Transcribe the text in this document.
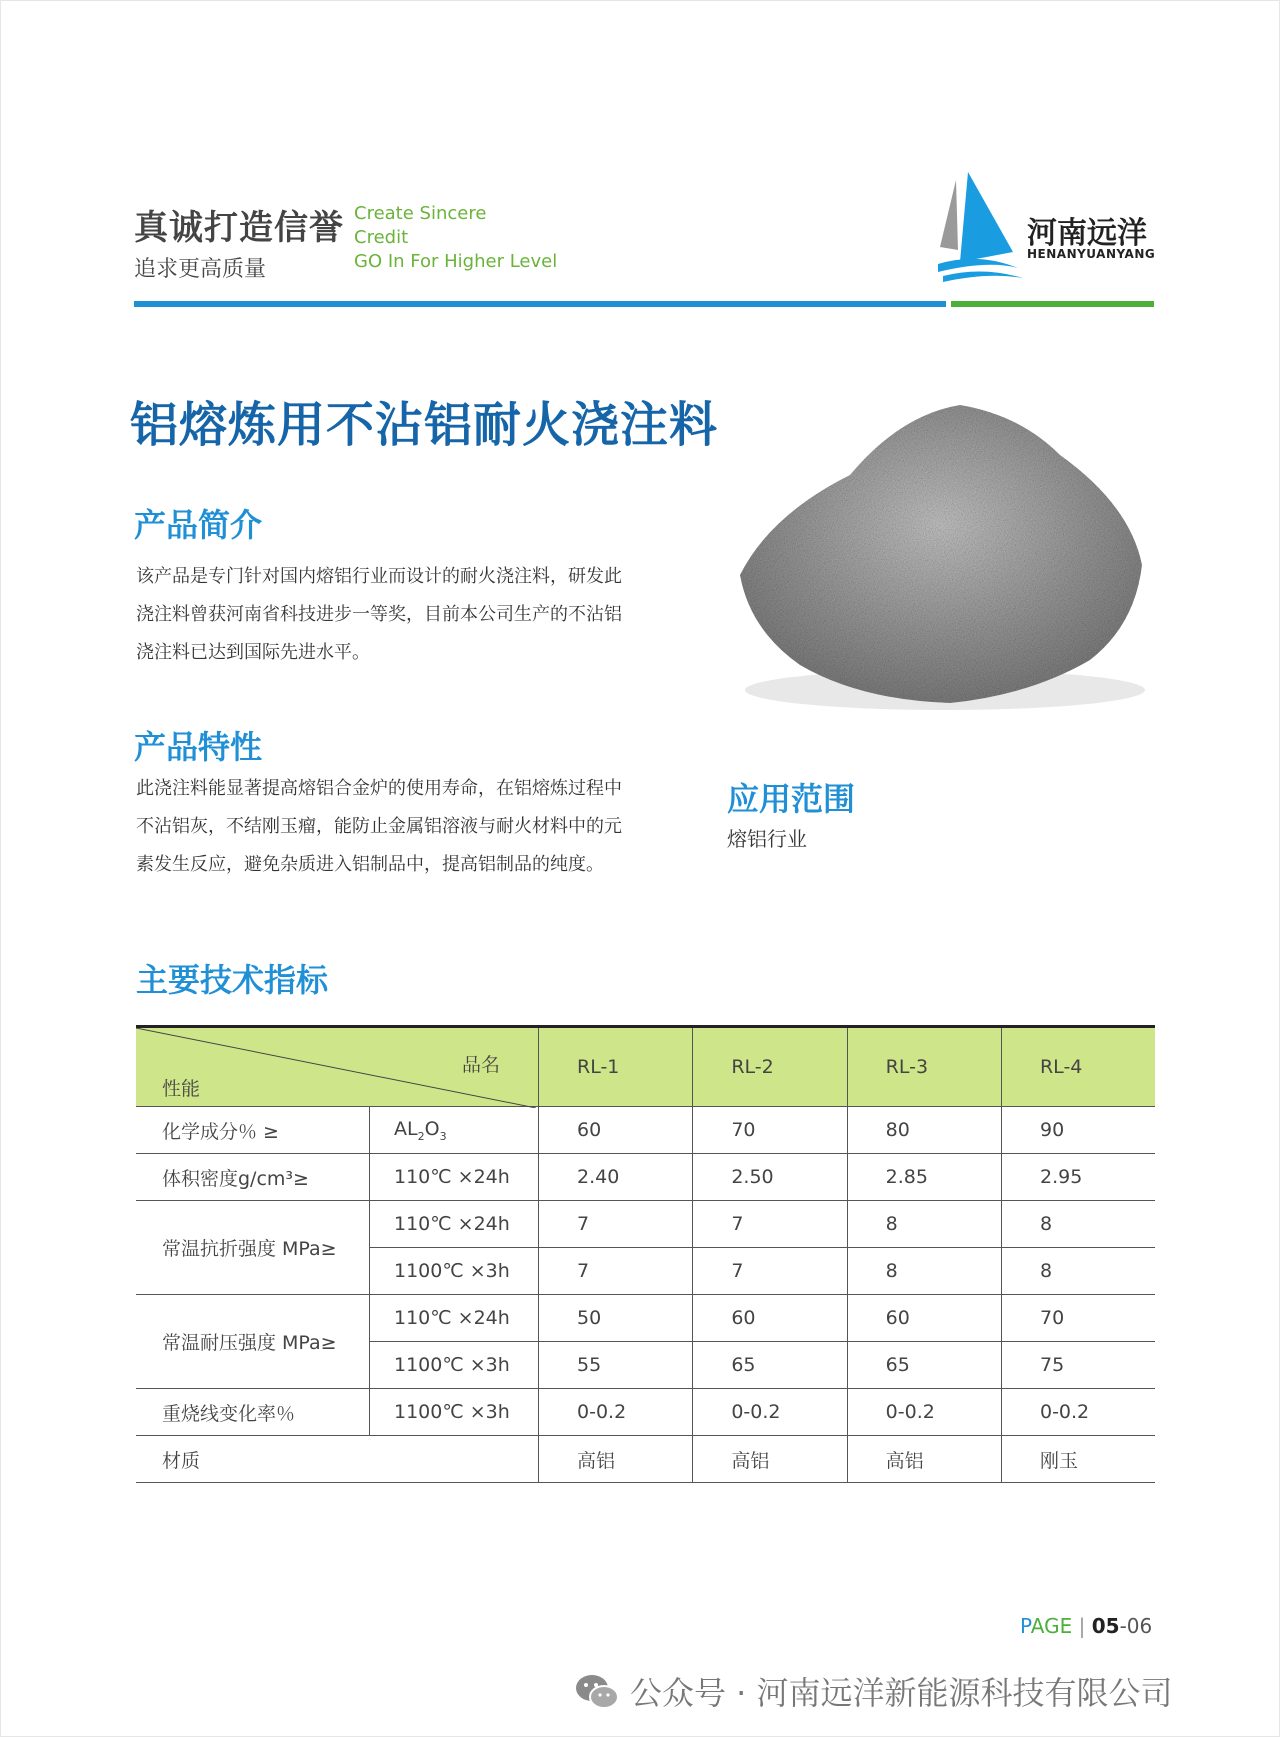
真诚打造信誉
追求更高质量
Create Sincere
Credit
GO In For Higher Level
河南远洋
HENANYUANYANG
铝熔炼用不沾铝耐火浇注料
产品简介
该产品是专门针对国内熔铝行业而设计的耐火浇注料，研发此
浇注料曾获河南省科技进步一等奖，目前本公司生产的不沾铝
浇注料已达到国际先进水平。
产品特性
此浇注料能显著提高熔铝合金炉的使用寿命，在铝熔炼过程中
不沾铝灰，不结刚玉瘤，能防止金属铝溶液与耐火材料中的元
素发生反应，避免杂质进入铝制品中，提高铝制品的纯度。
应用范围
熔铝行业
主要技术指标
品名
性能		RL-1	RL-2	RL-3	RL-4
化学成分％ ≥	$AL_2O_3$	60	70	80	90
体积密度g/cm³≥	110℃ ×24h	2.40	2.50	2.85	2.95
常温抗折强度 MPa≥	110℃ ×24h	7	7	8	8
	1100℃ ×3h	7	7	8	8
常温耐压强度 MPa≥	110℃ ×24h	50	60	60	70
	1100℃ ×3h	55	65	65	75
重烧线变化率％	1100℃ ×3h	0-0.2	0-0.2	0-0.2	0-0.2
材质		高铝	高铝	高铝	刚玉
PAGE | 05-06
公众号 · 河南远洋新能源科技有限公司
